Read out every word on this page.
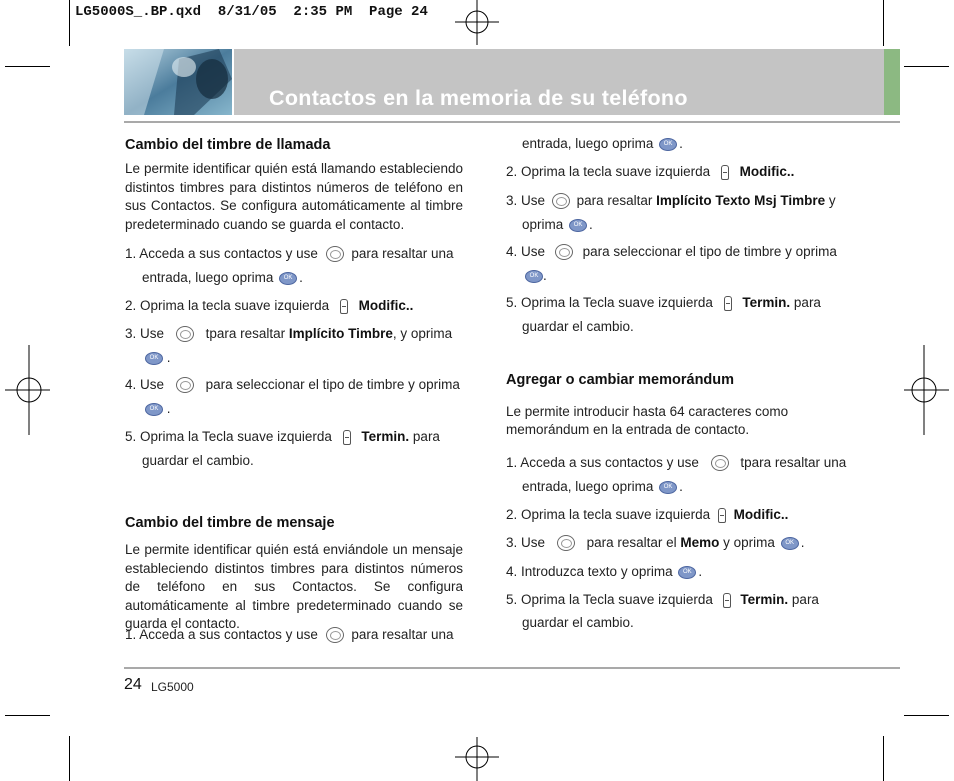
LG5000S_.BP.qxd  8/31/05  2:35 PM  Page 24
Contactos en la memoria de su teléfono
Cambio del timbre de llamada
Le permite identificar quién está llamando estableciendo distintos timbres para distintos números de teléfono en sus Contactos. Se configura automáticamente al timbre predeterminado cuando se guarda el contacto.
1. Acceda a sus contactos y use para resaltar una
entrada, luego oprima OK .
2. Oprima la tecla suave izquierda Modific..
3. Use	tpara resaltar Implícito Timbre, y oprima
OK .
4. Use	para seleccionar el tipo de timbre y oprima
OK .
5. Oprima la Tecla suave izquierda Termin. para
guardar el cambio.
Cambio del timbre de mensaje
Le permite identificar quién está enviándole un mensaje estableciendo distintos timbres para distintos números de teléfono en sus Contactos. Se configura automáticamente al timbre predeterminado cuando se guarda el contacto.
1. Acceda a sus contactos y use para resaltar una
entrada, luego oprima OK .
2. Oprima la tecla suave izquierda Modific..
3. Use para resaltar Implícito Texto Msj Timbre y
oprima OK .
4. Use	para seleccionar el tipo de timbre y oprima
OK .
5. Oprima la Tecla suave izquierda Termin. para
guardar el cambio.
Agregar o cambiar memorándum
Le permite introducir hasta 64 caracteres como
memorándum en la entrada de contacto.
1. Acceda a sus contactos y use	tpara resaltar una
entrada, luego oprima OK .
2. Oprima la tecla suave izquierda Modific..
3. Use	para resaltar el Memo y oprima OK .
4. Introduzca texto y oprima OK .
5. Oprima la Tecla suave izquierda Termin. para
guardar el cambio.
24 LG5000
